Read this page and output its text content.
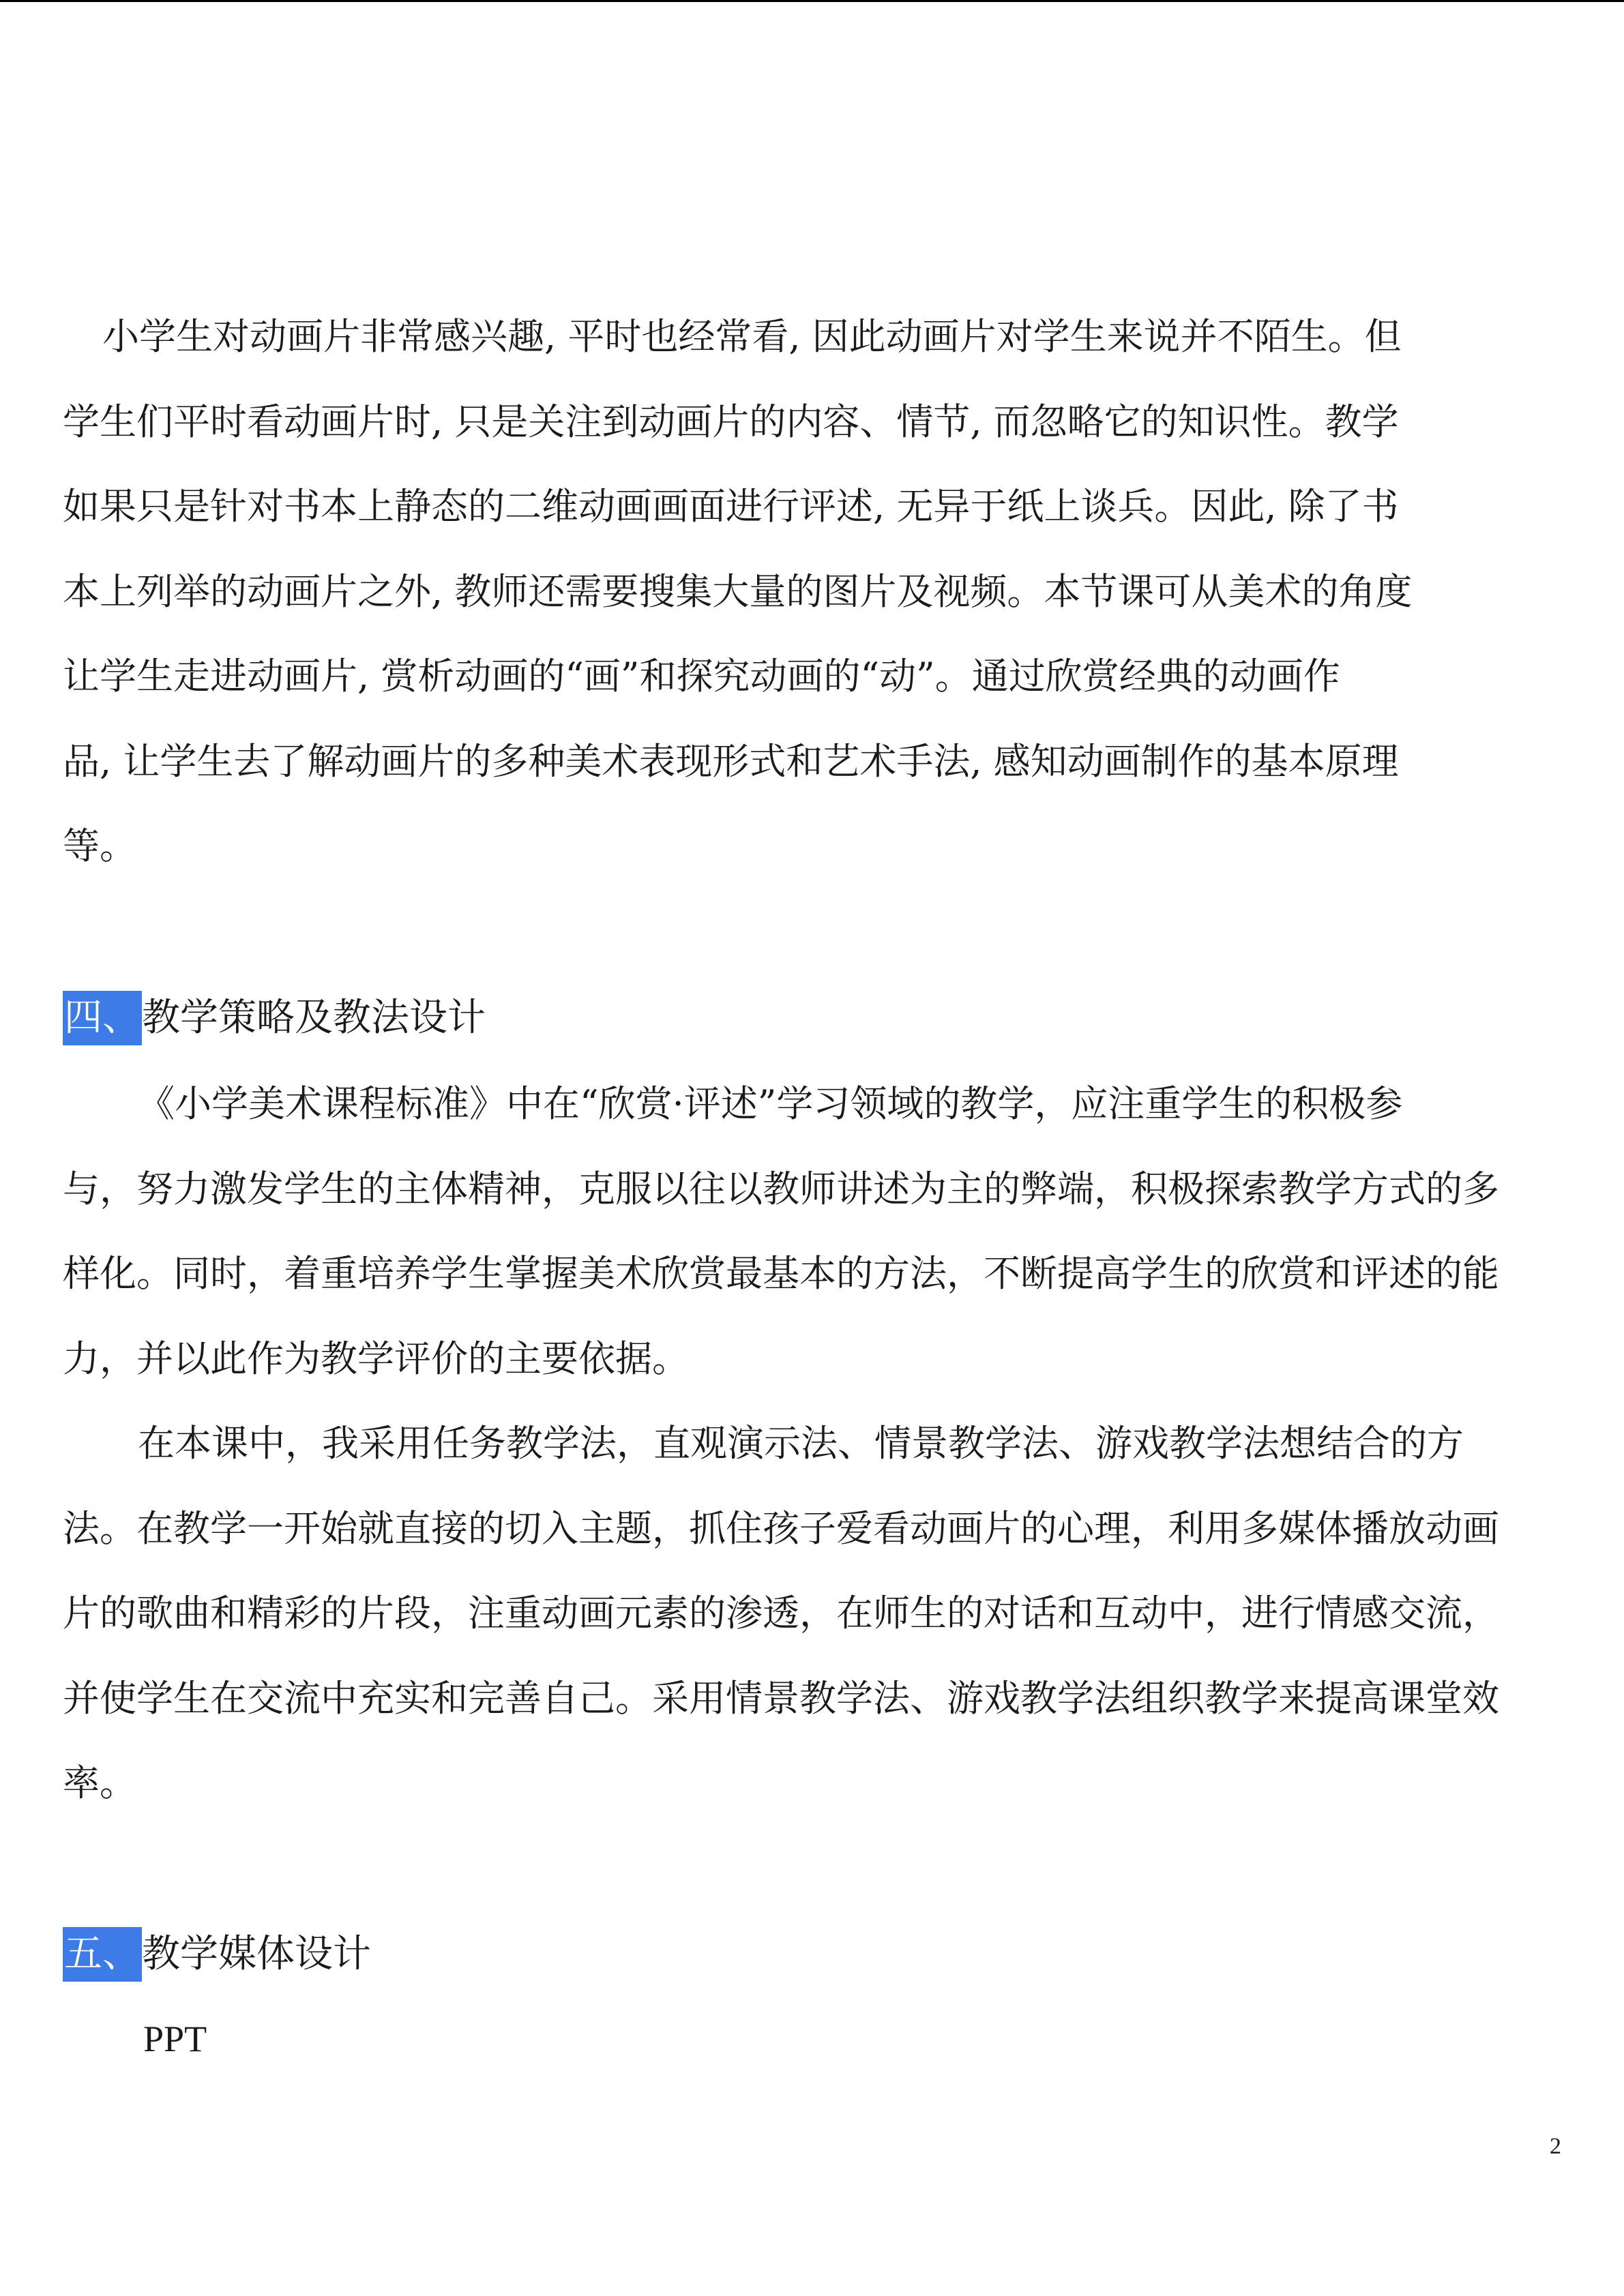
小学生对动画片非常感兴趣, 平时也经常看, 因此动画片对学生来说并不陌生。但
学生们平时看动画片时, 只是关注到动画片的内容、情节, 而忽略它的知识性。教学
如果只是针对书本上静态的二维动画画面进行评述, 无异于纸上谈兵。因此, 除了书
本上列举的动画片之外, 教师还需要搜集大量的图片及视频。本节课可从美术的角度
让学生走进动画片, 赏析动画的“画”和探究动画的“动”。通过欣赏经典的动画作
品, 让学生去了解动画片的多种美术表现形式和艺术手法, 感知动画制作的基本原理
等。
四、教学策略及教法设计
《小学美术课程标准》中在“欣赏·评述”学习领域的教学，应注重学生的积极参
与，努力激发学生的主体精神，克服以往以教师讲述为主的弊端，积极探索教学方式的多
样化。同时，着重培养学生掌握美术欣赏最基本的方法，不断提高学生的欣赏和评述的能
力，并以此作为教学评价的主要依据。
在本课中，我采用任务教学法，直观演示法、情景教学法、游戏教学法想结合的方
法。在教学一开始就直接的切入主题，抓住孩子爱看动画片的心理，利用多媒体播放动画
片的歌曲和精彩的片段，注重动画元素的渗透，在师生的对话和互动中，进行情感交流，
并使学生在交流中充实和完善自己。采用情景教学法、游戏教学法组织教学来提高课堂效
率。
五、教学媒体设计
PPT
2
